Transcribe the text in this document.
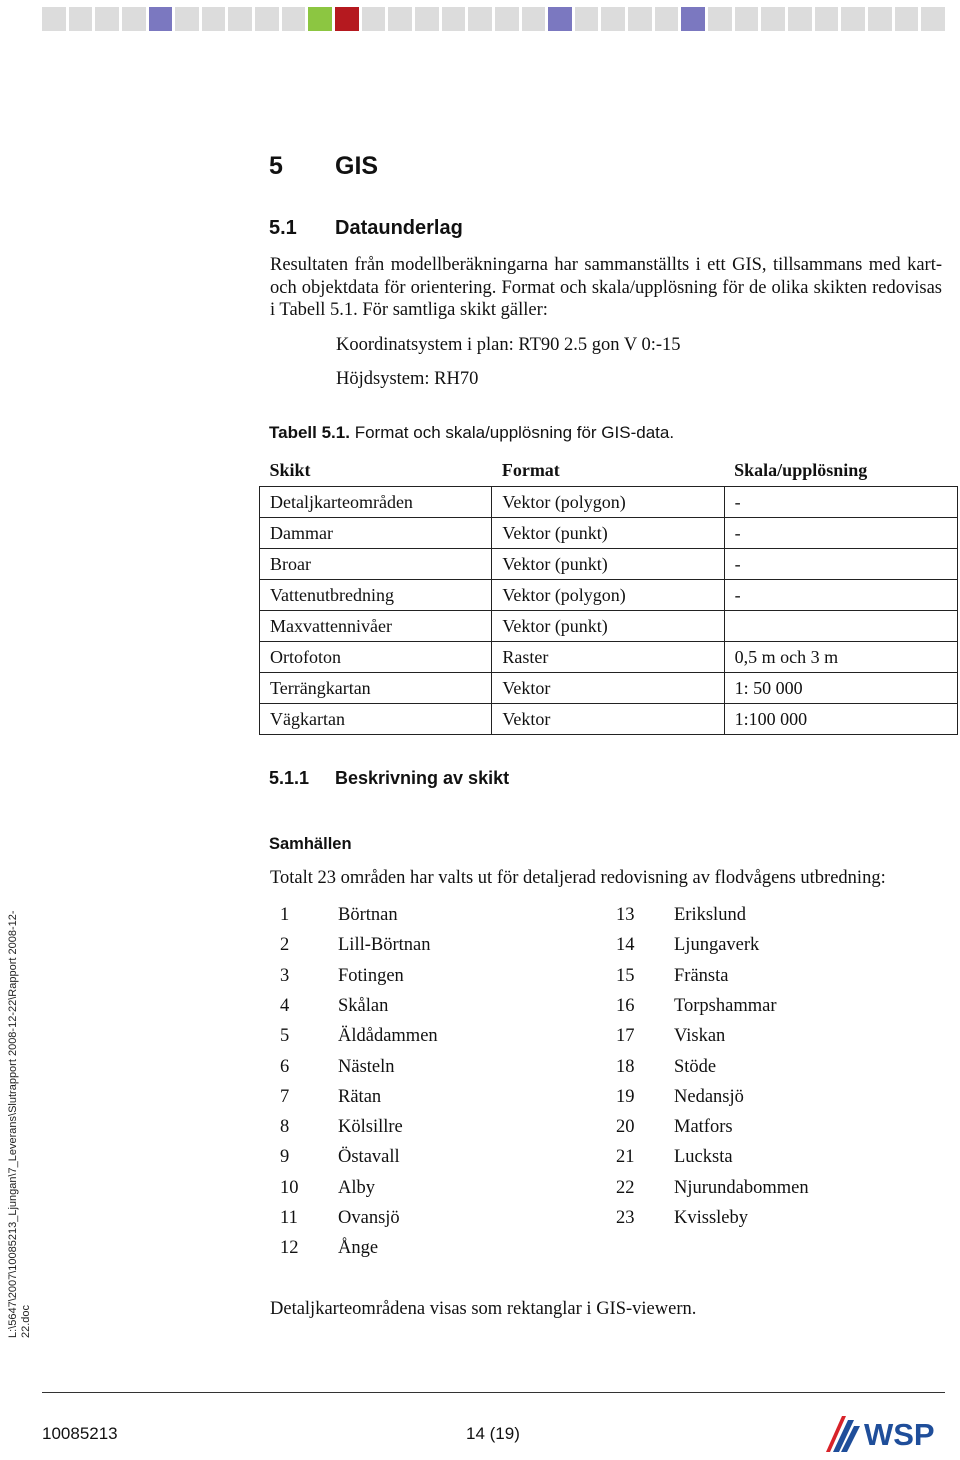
5 GIS
5.1 Dataunderlag

Resultaten från modellberäkningarna har sammanställts i ett GIS, tillsammans med kart- och objektdata för orientering. Format och skala/upplösning för de olika skikten redovisas i Tabell 5.1. För samtliga skikt gäller:

Koordinatsystem i plan: RT90 2.5 gon V 0:-15
Höjdsystem: RH70
Tabell 5.1. Format och skala/upplösning för GIS-data.
Skikt	Format	Skala/upplösning
Detaljkarteområden	Vektor (polygon)	-
Dammar	Vektor (punkt)	-
Broar	Vektor (punkt)	-
Vattenutbredning	Vektor (polygon)	-
Maxvattennivåer	Vektor (punkt)	
Ortofoton	Raster	0,5 m och 3 m
Terrängkartan	Vektor	1: 50 000
Vägkartan	Vektor	1:100 000
5.1.1 Beskrivning av skikt
Samhällen
Totalt 23 områden har valts ut för detaljerad redovisning av flodvågens utbredning:
1	Börtnan
2	Lill-Börtnan
3	Fotingen
4	Skålan
5	Äldådammen
6	Nästeln
7	Rätan
8	Kölsillre
9	Östavall
10	Alby
11	Ovansjö
12	Ånge
13	Erikslund
14	Ljungaverk
15	Fränsta
16	Torpshammar
17	Viskan
18	Stöde
19	Nedansjö
20	Matfors
21	Luckstа
22	Njurundabommen
23	Kvissleby
Detaljkarteområdena visas som rektanglar i GIS-viewern.
L:\5647\2007\10085213_Ljungan\7_Leverans\Slutrapport 2008-12-22\Rapport 2008-12-22.doc
10085213	14 (19)	WSP
